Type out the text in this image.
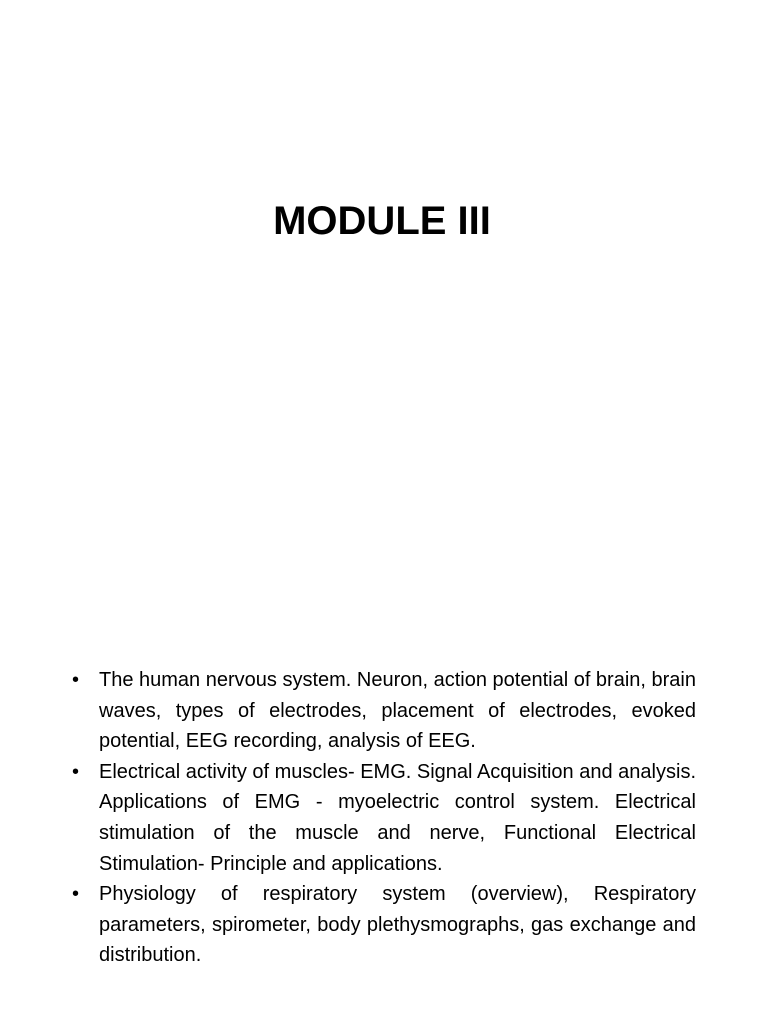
MODULE III
• The human nervous system. Neuron, action potential of brain, brain waves, types of electrodes, placement of electrodes, evoked potential, EEG recording, analysis of EEG.
• Electrical activity of muscles- EMG. Signal Acquisition and analysis. Applications of EMG - myoelectric control system. Electrical stimulation of the muscle and nerve, Functional Electrical Stimulation- Principle and applications.
• Physiology of respiratory system (overview), Respiratory parameters, spirometer, body plethysmographs, gas exchange and distribution.
